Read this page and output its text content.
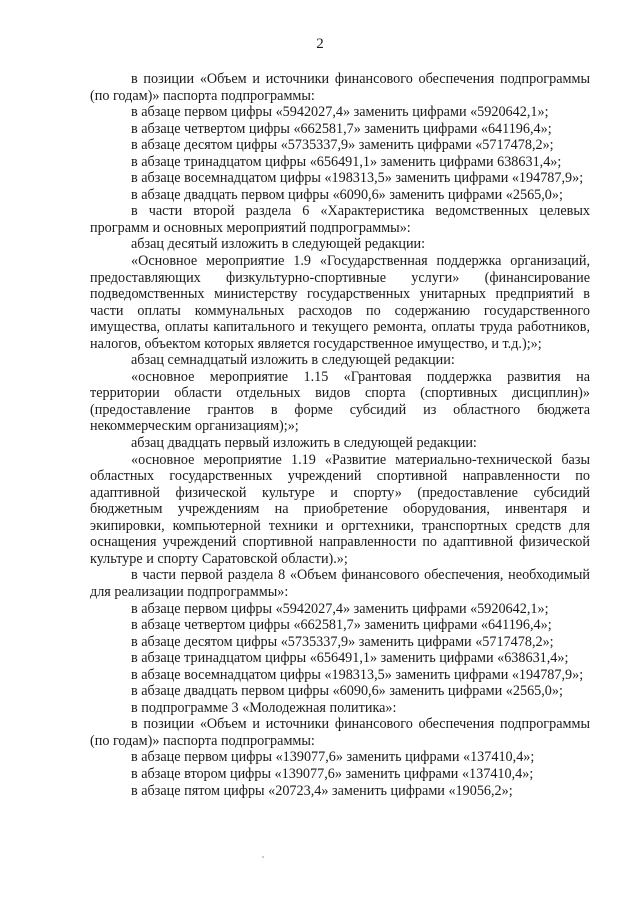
2

в позиции «Объем и источники финансового обеспечения подпрограммы (по годам)» паспорта подпрограммы:

в абзаце первом цифры «5942027,4» заменить цифрами «5920642,1»;

в абзаце четвертом цифры «662581,7» заменить цифрами «641196,4»;

в абзаце десятом цифры «5735337,9» заменить цифрами «5717478,2»;

в абзаце тринадцатом цифры «656491,1» заменить цифрами 638631,4»;

в абзаце восемнадцатом цифры «198313,5» заменить цифрами «194787,9»;

в абзаце двадцать первом цифры «6090,6» заменить цифрами «2565,0»;

в части второй раздела 6 «Характеристика ведомственных целевых программ и основных мероприятий подпрограммы»:

абзац десятый изложить в следующей редакции:

«Основное мероприятие 1.9 «Государственная поддержка организаций, предоставляющих физкультурно-спортивные услуги» (финансирование подведомственных министерству государственных унитарных предприятий в части оплаты коммунальных расходов по содержанию государственного имущества, оплаты капитального и текущего ремонта, оплаты труда работников, налогов, объектом которых является государственное имущество, и т.д.);»;

абзац семнадцатый изложить в следующей редакции:

«основное мероприятие 1.15 «Грантовая поддержка развития на территории области отдельных видов спорта (спортивных дисциплин)» (предоставление грантов в форме субсидий из областного бюджета некоммерческим организациям);»;

абзац двадцать первый изложить в следующей редакции:

«основное мероприятие 1.19 «Развитие материально-технической базы областных государственных учреждений спортивной направленности по адаптивной физической культуре и спорту» (предоставление субсидий бюджетным учреждениям на приобретение оборудования, инвентаря и экипировки, компьютерной техники и оргтехники, транспортных средств для оснащения учреждений спортивной направленности по адаптивной физической культуре и спорту Саратовской области).»;

в части первой раздела 8 «Объем финансового обеспечения, необходимый для реализации подпрограммы»:

в абзаце первом цифры «5942027,4» заменить цифрами «5920642,1»;

в абзаце четвертом цифры «662581,7» заменить цифрами «641196,4»;

в абзаце десятом цифры «5735337,9» заменить цифрами «5717478,2»;

в абзаце тринадцатом цифры «656491,1» заменить цифрами «638631,4»;

в абзаце восемнадцатом цифры «198313,5» заменить цифрами «194787,9»;

в абзаце двадцать первом цифры «6090,6» заменить цифрами «2565,0»;

в подпрограмме 3 «Молодежная политика»:

в позиции «Объем и источники финансового обеспечения подпрограммы (по годам)» паспорта подпрограммы:

в абзаце первом цифры «139077,6» заменить цифрами «137410,4»;

в абзаце втором цифры «139077,6» заменить цифрами «137410,4»;

в абзаце пятом цифры «20723,4» заменить цифрами «19056,2»;
